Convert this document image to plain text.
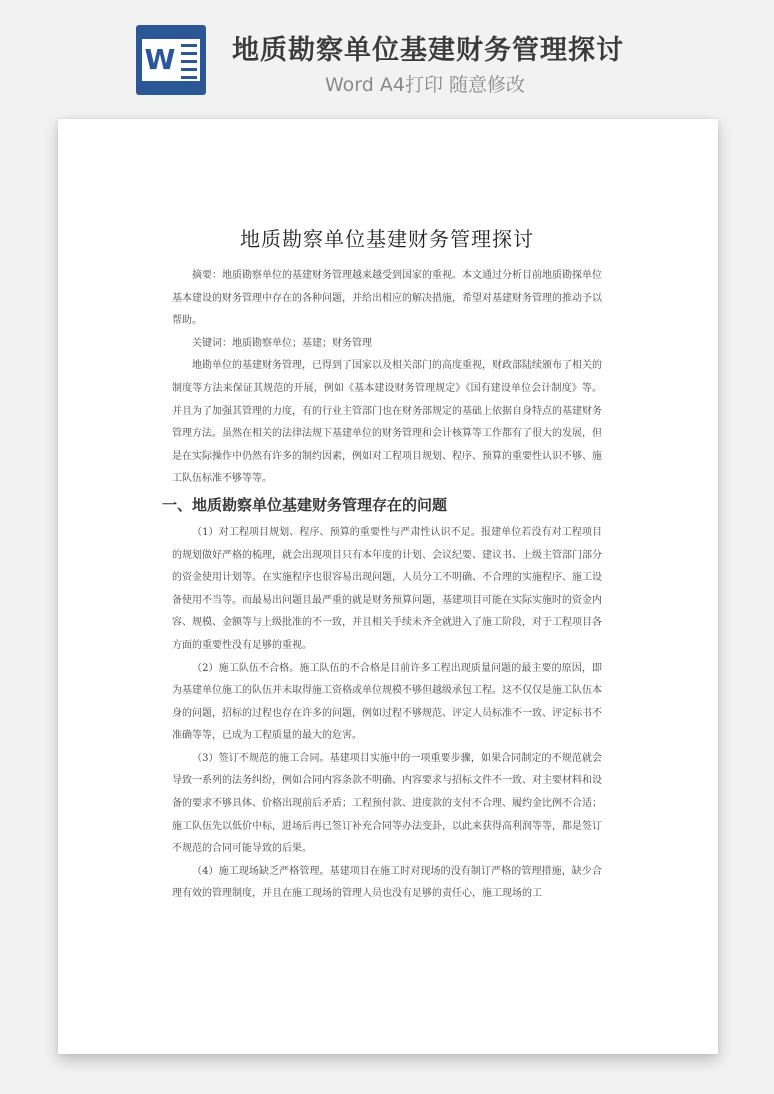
W 地质勘察单位基建财务管理探讨
Word A4打印 随意修改
地质勘察单位基建财务管理探讨

摘要：地质勘察单位的基建财务管理越来越受到国家的重视。本文通过分析目前地质勘探单位基本建设的财务管理中存在的各种问题，并给出相应的解决措施，希望对基建财务管理的推动予以帮助。

关键词：地质勘察单位；基建；财务管理

地勘单位的基建财务管理，已得到了国家以及相关部门的高度重视，财政部陆续颁布了相关的制度等方法来保证其规范的开展，例如《基本建设财务管理规定》《国有建设单位会计制度》等。并且为了加强其管理的力度，有的行业主管部门也在财务部规定的基础上依据自身特点的基建财务管理方法。虽然在相关的法律法规下基建单位的财务管理和会计核算等工作都有了很大的发展，但是在实际操作中仍然有许多的制约因素，例如对工程项目规划、程序、预算的重要性认识不够、施工队伍标准不够等等。

一、地质勘察单位基建财务管理存在的问题

（1）对工程项目规划、程序、预算的重要性与严肃性认识不足。报建单位若没有对工程项目的规划做好严格的梳理，就会出现项目只有本年度的计划、会议纪要、建议书、上级主管部门部分的资金使用计划等。在实施程序也很容易出现问题，人员分工不明确、不合理的实施程序、施工设备使用不当等。而最易出问题且最严重的就是财务预算问题，基建项目可能在实际实施时的资金内容、规模、金额等与上级批准的不一致，并且相关手续未齐全就进入了施工阶段，对于工程项目各方面的重要性没有足够的重视。

（2）施工队伍不合格。施工队伍的不合格是目前许多工程出现质量问题的最主要的原因，即为基建单位施工的队伍并未取得施工资格或单位规模不够但越级承包工程。这不仅仅是施工队伍本身的问题，招标的过程也存在许多的问题，例如过程不够规范、评定人员标准不一致、评定标书不准确等等，已成为工程质量的最大的危害。

（3）签订不规范的施工合同。基建项目实施中的一项重要步骤，如果合同制定的不规范就会导致一系列的法务纠纷，例如合同内容条款不明确、内容要求与招标文件不一致、对主要材料和设备的要求不够具体、价格出现前后矛盾；工程预付款、进度款的支付不合理、履约金比例不合适；施工队伍先以低价中标，进场后再已签订补充合同等办法变卦，以此来获得高利润等等，都是签订不规范的合同可能导致的后果。

（4）施工现场缺乏严格管理。基建项目在施工时对现场的没有制订严格的管理措施，缺少合理有效的管理制度，并且在施工现场的管理人员也没有足够的责任心，施工现场的工
